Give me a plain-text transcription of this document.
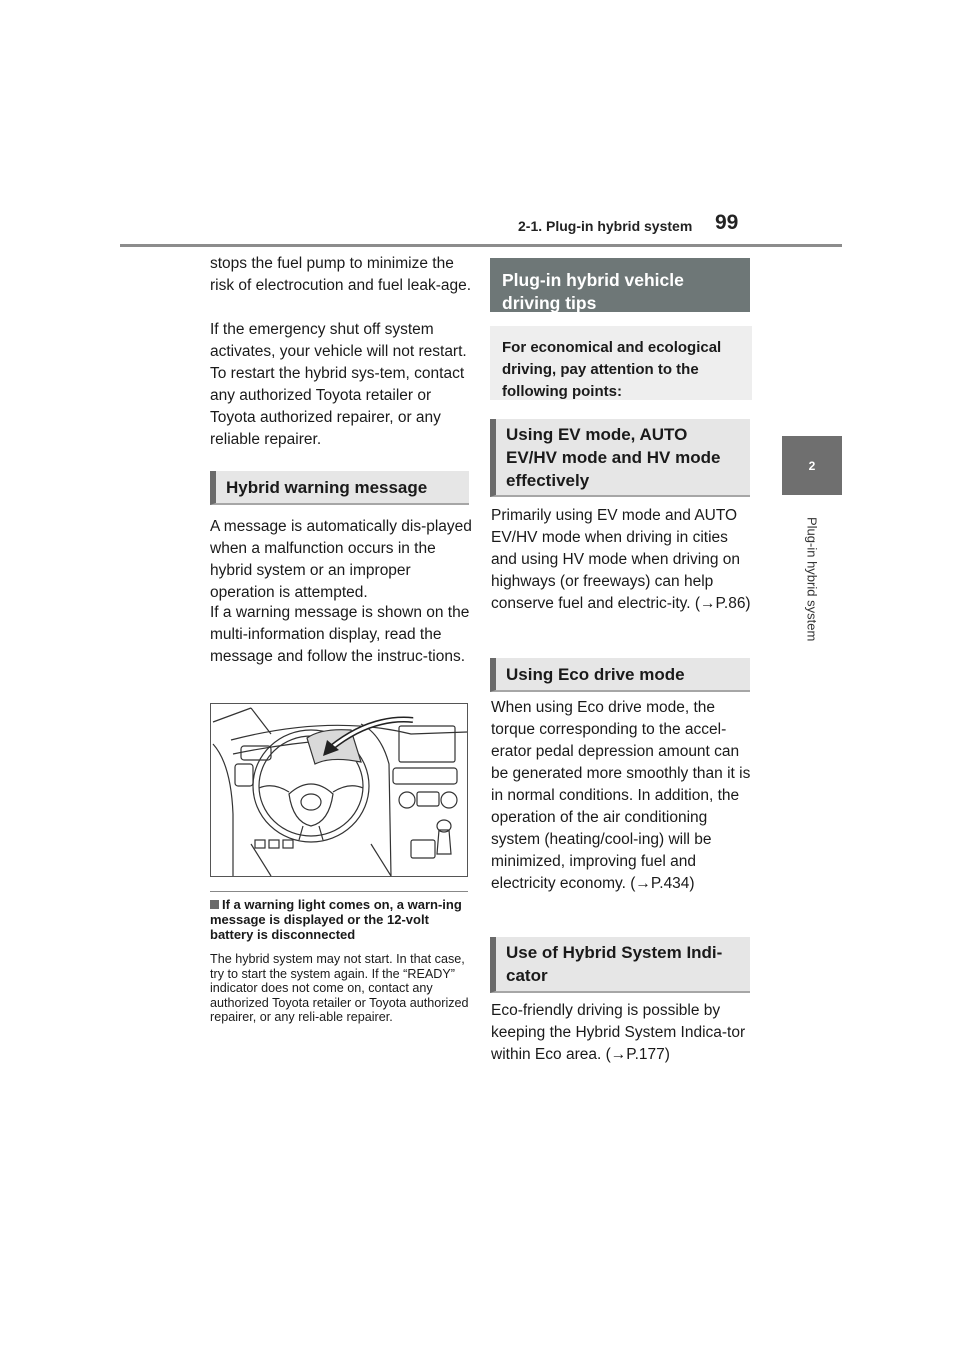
2-1. Plug-in hybrid system 99
2
Plug-in hybrid system
stops the fuel pump to minimize the risk of electrocution and fuel leak-age.
If the emergency shut off system activates, your vehicle will not restart. To restart the hybrid sys-tem, contact any authorized Toyota retailer or Toyota authorized repairer, or any reliable repairer.
Hybrid warning message
A message is automatically dis-played when a malfunction occurs in the hybrid system or an improper operation is attempted.
If a warning message is shown on the multi-information display, read the message and follow the instruc-tions.
If a warning light comes on, a warn-ing message is displayed or the 12-volt battery is disconnected
The hybrid system may not start. In that case, try to start the system again. If the “READY” indicator does not come on, contact any authorized Toyota retailer or Toyota authorized repairer, or any reli-able repairer.
Plug-in hybrid vehicle driving tips
For economical and ecological driving, pay attention to the following points:
Using EV mode, AUTO EV/HV mode and HV mode effectively
Primarily using EV mode and AUTO EV/HV mode when driving in cities and using HV mode when driving on highways (or freeways) can help conserve fuel and electric-ity. (→P.86)
Using Eco drive mode
When using Eco drive mode, the torque corresponding to the accel-erator pedal depression amount can be generated more smoothly than it is in normal conditions. In addition, the operation of the air conditioning system (heating/cool-ing) will be minimized, improving fuel and electricity economy. (→P.434)
Use of Hybrid System Indi-cator
Eco-friendly driving is possible by keeping the Hybrid System Indica-tor within Eco area. (→P.177)
